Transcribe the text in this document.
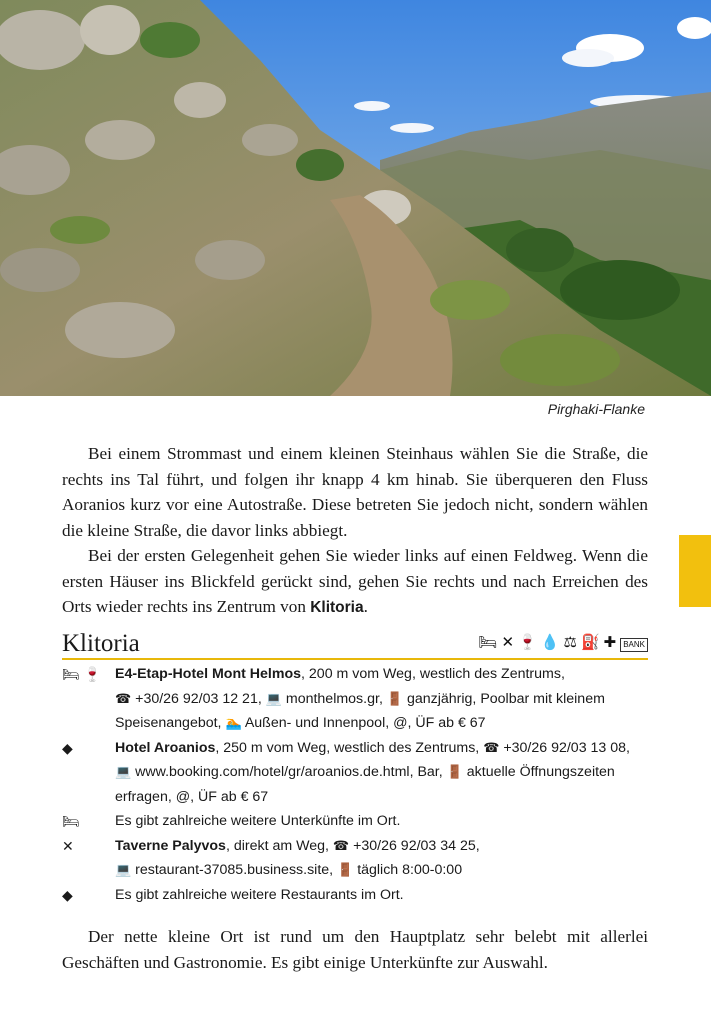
Pirghaki-Flanke

Bei einem Strommast und einem kleinen Steinhaus wählen Sie die Straße, die rechts ins Tal führt, und folgen ihr knapp 4 km hinab. Sie überqueren den Fluss Aoranios kurz vor eine Autostraße. Diese betreten Sie jedoch nicht, sondern wählen die kleine Straße, die davor links abbiegt.

Bei der ersten Gelegenheit gehen Sie wieder links auf einen Feldweg. Wenn die ersten Häuser ins Blickfeld gerückt sind, gehen Sie rechts und nach Erreichen des Orts wieder rechts ins Zentrum von Klitoria.

Klitoria	🛏 ✕ 🍷 💧 ⚖ ⛽ ✚ BANK
🛏 🍷 E4-Etap-Hotel Mont Helmos, 200 m vom Weg, westlich des Zentrums,
☎ +30/26 92/03 12 21, 💻 monthelmos.gr, 🚪 ganzjährig, Poolbar mit kleinem Speisenangebot, 🏊 Außen- und Innenpool, @, ÜF ab € 67
◆	Hotel Aroanios, 250 m vom Weg, westlich des Zentrums, ☎ +30/26 92/03 13 08,
💻 www.booking.com/hotel/gr/aroanios.de.html, Bar, 🚪 aktuelle Öffnungszeiten erfragen, @, ÜF ab € 67
🛏 Es gibt zahlreiche weitere Unterkünfte im Ort.
✕	Taverne Palyvos, direkt am Weg, ☎ +30/26 92/03 34 25,
💻 restaurant-37085.business.site, 🚪 täglich 8:00-0:00
◆	Es gibt zahlreiche weitere Restaurants im Ort.

Der nette kleine Ort ist rund um den Hauptplatz sehr belebt mit allerlei Geschäften und Gastronomie. Es gibt einige Unterkünfte zur Auswahl.
